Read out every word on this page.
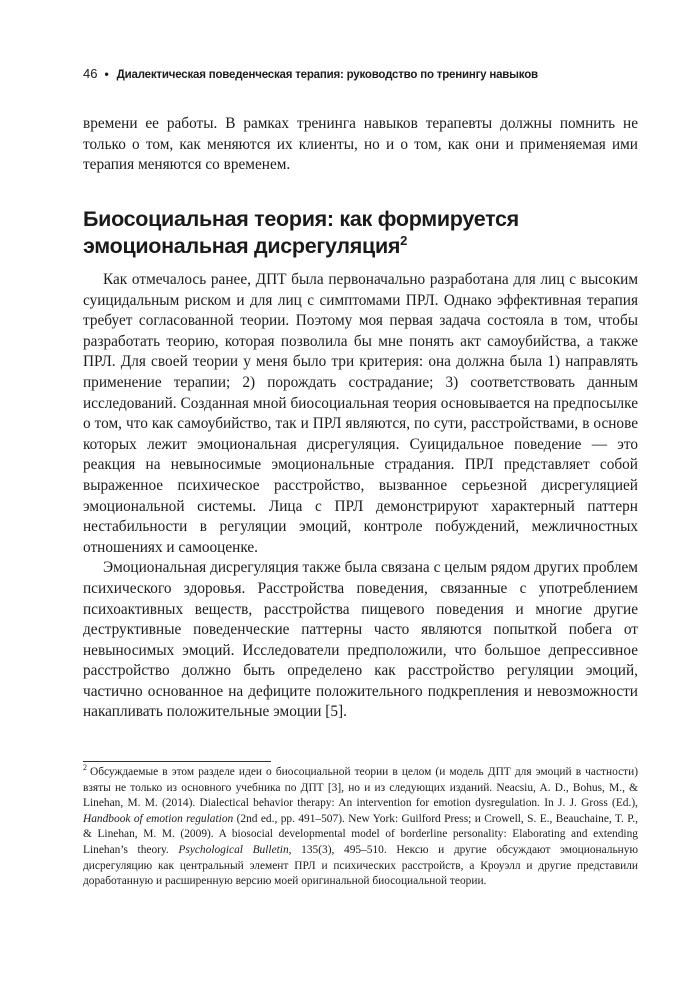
46 • Диалектическая поведенческая терапия: руководство по тренингу навыков
времени ее работы. В рамках тренинга навыков терапевты должны помнить не только о том, как меняются их клиенты, но и о том, как они и применяемая ими терапия меняются со временем.
Биосоциальная теория: как формируется эмоциональная дисрегуляция$^2$

Как отмечалось ранее, ДПТ была первоначально разработана для лиц с высоким суицидальным риском и для лиц с симптомами ПРЛ. Однако эффективная терапия требует согласованной теории. Поэтому моя первая задача состояла в том, чтобы разработать теорию, которая позволила бы мне понять акт самоубийства, а также ПРЛ. Для своей теории у меня было три критерия: она должна была 1) направлять применение терапии; 2) порождать сострадание; 3) соответствовать данным исследований. Созданная мной биосоциальная теория основывается на предпосылке о том, что как самоубийство, так и ПРЛ являются, по сути, расстройствами, в основе которых лежит эмоциональная дисрегуляция. Суицидальное поведение — это реакция на невыносимые эмоциональные страдания. ПРЛ представляет собой выраженное психическое расстройство, вызванное серьезной дисрегуляцией эмоциональной системы. Лица с ПРЛ демонстрируют характерный паттерн нестабильности в регуляции эмоций, контроле побуждений, межличностных отношениях и самооценке.

Эмоциональная дисрегуляция также была связана с целым рядом других проблем психического здоровья. Расстройства поведения, связанные с употреблением психоактивных веществ, расстройства пищевого поведения и многие другие деструктивные поведенческие паттерны часто являются попыткой побега от невыносимых эмоций. Исследователи предположили, что большое депрессивное расстройство должно быть определено как расстройство регуляции эмоций, частично основанное на дефиците положительного подкрепления и невозможности накапливать положительные эмоции [5].

$^2$ Обсуждаемые в этом разделе идеи о биосоциальной теории в целом (и модель ДПТ для эмоций в частности) взяты не только из основного учебника по ДПТ [3], но и из следующих изданий. Neacsiu, A. D., Bohus, M., & Linehan, M. M. (2014). Dialectical behavior therapy: An intervention for emotion dysregulation. In J. J. Gross (Ed.), Handbook of emotion regulation (2nd ed., pp. 491–507). New York: Guilford Press; и Crowell, S. E., Beauchaine, T. P., & Linehan, M. M. (2009). A biosocial developmental model of borderline personality: Elaborating and extending Linehan’s theory. Psychological Bulletin, 135(3), 495–510. Нексю и другие обсуждают эмоциональную дисрегуляцию как центральный элемент ПРЛ и психических расстройств, а Кроуэлл и другие представили доработанную и расширенную версию моей оригинальной биосоциальной теории.
